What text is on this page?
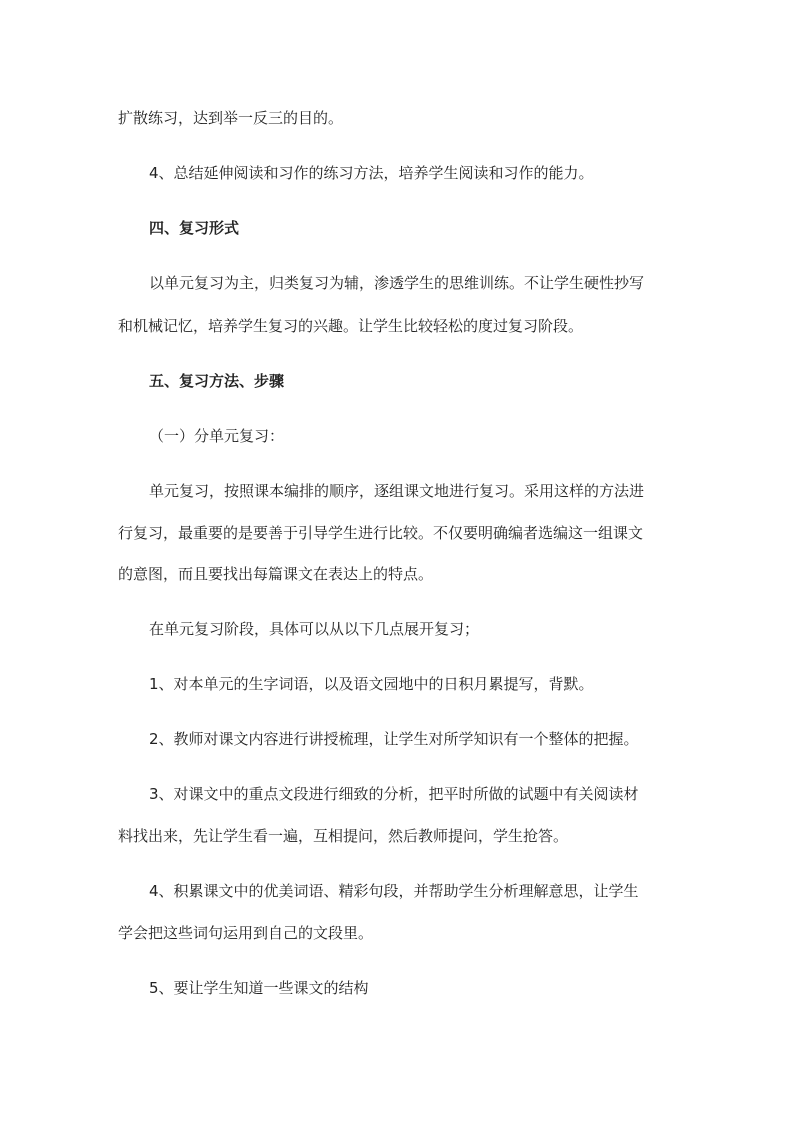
扩散练习，达到举一反三的目的。
4、总结延伸阅读和习作的练习方法，培养学生阅读和习作的能力。
四、复习形式
以单元复习为主，归类复习为辅，渗透学生的思维训练。不让学生硬性抄写
和机械记忆，培养学生复习的兴趣。让学生比较轻松的度过复习阶段。
五、复习方法、步骤
（一）分单元复习：
单元复习，按照课本编排的顺序，逐组课文地进行复习。采用这样的方法进
行复习，最重要的是要善于引导学生进行比较。不仅要明确编者选编这一组课文
的意图，而且要找出每篇课文在表达上的特点。
在单元复习阶段，具体可以从以下几点展开复习；
1、对本单元的生字词语，以及语文园地中的日积月累提写，背默。
2、教师对课文内容进行讲授梳理，让学生对所学知识有一个整体的把握。
3、对课文中的重点文段进行细致的分析，把平时所做的试题中有关阅读材
料找出来，先让学生看一遍，互相提问，然后教师提问，学生抢答。
4、积累课文中的优美词语、精彩句段，并帮助学生分析理解意思，让学生
学会把这些词句运用到自己的文段里。
5、要让学生知道一些课文的结构
